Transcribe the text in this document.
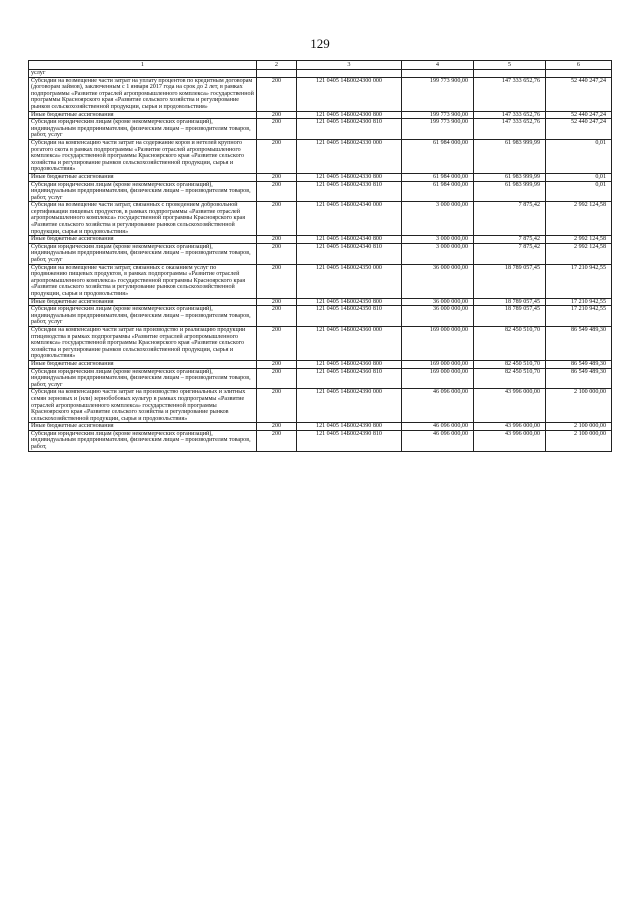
129
1	2	3	4	5	6
услуг					
Субсидии на возмещение части затрат на уплату процентов по кредитным договорам (договорам займов), заключенным с 1 января 2017 года на срок до 2 лет, в рамках подпрограммы «Развитие отраслей агропромышленного комплекса» государственной программы Красноярского края «Развитие сельского хозяйства и регулирование рынков сельскохозяйственной продукции, сырья и продовольствия»	200	121 0405 14Б0024300 000	199 773 900,00	147 333 652,76	52 440 247,24
Иные бюджетные ассигнования	200	121 0405 14Б0024300 800	199 773 900,00	147 333 652,76	52 440 247,24
Субсидии юридическим лицам (кроме некоммерческих организаций), индивидуальным предпринимателям, физическим лицам – производителям товаров, работ, услуг	200	121 0405 14Б0024300 810	199 773 900,00	147 333 652,76	52 440 247,24
Субсидии на компенсацию части затрат на содержание коров и нетелей крупного рогатого скота в рамках подпрограммы «Развитие отраслей агропромышленного комплекса» государственной программы Красноярского края «Развитие сельского хозяйства и регулирование рынков сельскохозяйственной продукции, сырья и продовольствия»	200	121 0405 14Б0024330 000	61 984 000,00	61 983 999,99	0,01
Иные бюджетные ассигнования	200	121 0405 14Б0024330 800	61 984 000,00	61 983 999,99	0,01
Субсидии юридическим лицам (кроме некоммерческих организаций), индивидуальным предпринимателям, физическим лицам – производителям товаров, работ, услуг	200	121 0405 14Б0024330 810	61 984 000,00	61 983 999,99	0,01
Субсидии на возмещение части затрат, связанных с проведением добровольной сертификации пищевых продуктов, в рамках подпрограммы «Развитие отраслей агропромышленного комплекса» государственной программы Красноярского края «Развитие сельского хозяйства и регулирование рынков сельскохозяйственной продукции, сырья и продовольствия»	200	121 0405 14Б0024340 000	3 000 000,00	7 875,42	2 992 124,58
Иные бюджетные ассигнования	200	121 0405 14Б0024340 800	3 000 000,00	7 875,42	2 992 124,58
Субсидии юридическим лицам (кроме некоммерческих организаций), индивидуальным предпринимателям, физическим лицам – производителям товаров, работ, услуг	200	121 0405 14Б0024340 810	3 000 000,00	7 875,42	2 992 124,58
Субсидии на возмещение части затрат, связанных с оказанием услуг по продвижению пищевых продуктов, в рамках подпрограммы «Развитие отраслей агропромышленного комплекса» государственной программы Красноярского края «Развитие сельского хозяйства и регулирование рынков сельскохозяйственной продукции, сырья и продовольствия»	200	121 0405 14Б0024350 000	36 000 000,00	18 789 057,45	17 210 942,55
Иные бюджетные ассигнования	200	121 0405 14Б0024350 800	36 000 000,00	18 789 057,45	17 210 942,55
Субсидии юридическим лицам (кроме некоммерческих организаций), индивидуальным предпринимателям, физическим лицам – производителям товаров, работ, услуг	200	121 0405 14Б0024350 810	36 000 000,00	18 789 057,45	17 210 942,55
Субсидии на компенсацию части затрат на производство и реализацию продукции птицеводства в рамках подпрограммы «Развитие отраслей агропромышленного комплекса» государственной программы Красноярского края «Развитие сельского хозяйства и регулирование рынков сельскохозяйственной продукции, сырья и продовольствия»	200	121 0405 14Б0024360 000	169 000 000,00	82 450 510,70	86 549 489,30
Иные бюджетные ассигнования	200	121 0405 14Б0024360 800	169 000 000,00	82 450 510,70	86 549 489,30
Субсидии юридическим лицам (кроме некоммерческих организаций), индивидуальным предпринимателям, физическим лицам – производителям товаров, работ, услуг	200	121 0405 14Б0024360 810	169 000 000,00	82 450 510,70	86 549 489,30
Субсидии на компенсацию части затрат на производство оригинальных и элитных семян зерновых и (или) зернобобовых культур в рамках подпрограммы «Развитие отраслей агропромышленного комплекса» государственной программы Красноярского края «Развитие сельского хозяйства и регулирование рынков сельскохозяйственной продукции, сырья и продовольствия»	200	121 0405 14Б0024390 000	46 096 000,00	43 996 000,00	2 100 000,00
Иные бюджетные ассигнования	200	121 0405 14Б0024390 800	46 096 000,00	43 996 000,00	2 100 000,00
Субсидии юридическим лицам (кроме некоммерческих организаций), индивидуальным предпринимателям, физическим лицам – производителям товаров, работ,	200	121 0405 14Б0024390 810	46 096 000,00	43 996 000,00	2 100 000,00
